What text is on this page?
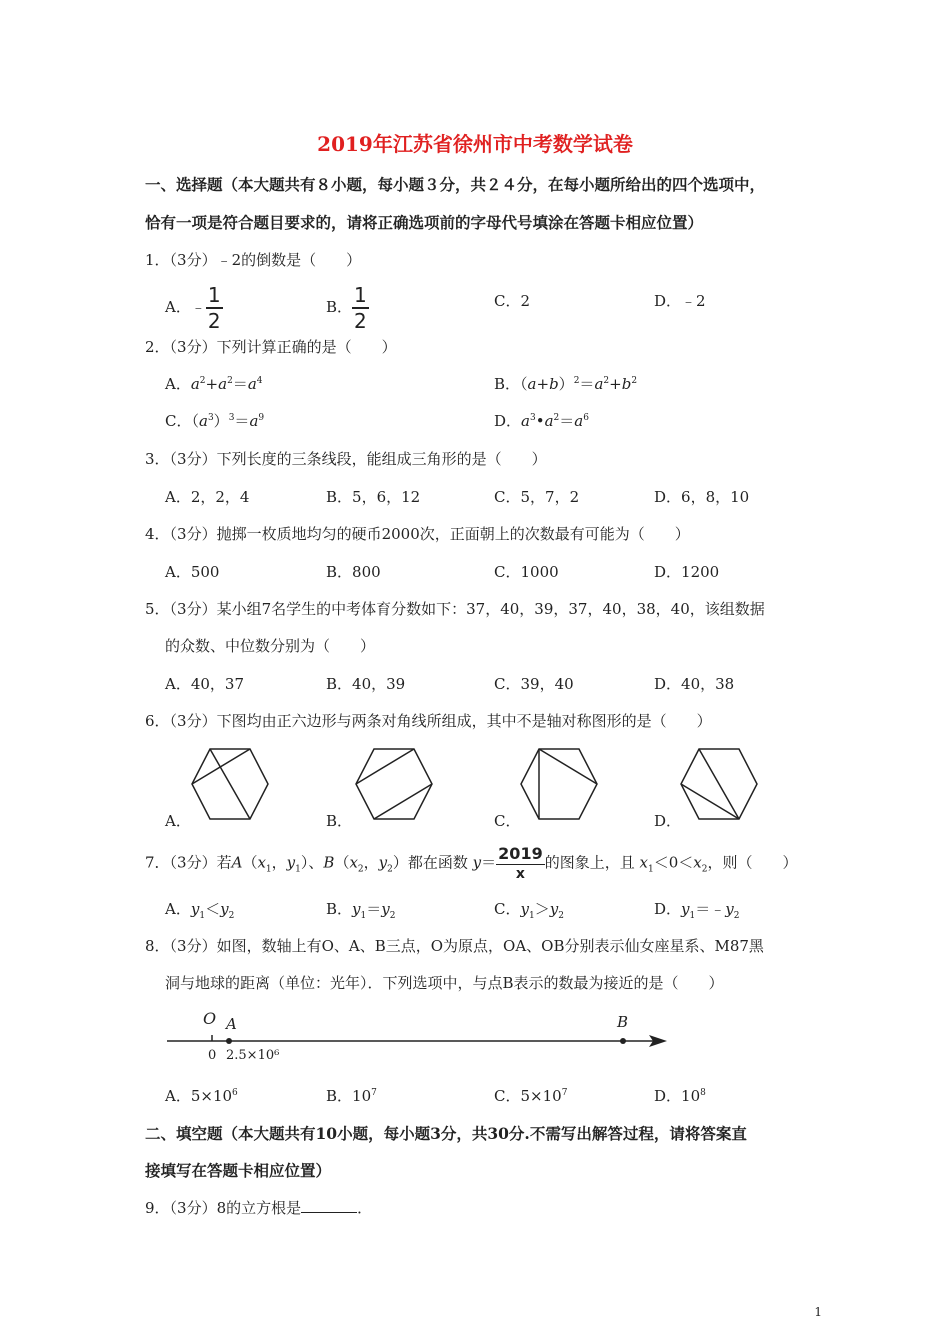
2019年江苏省徐州市中考数学试卷
一、选择题（本大题共有８小题，每小题３分，共２４分，在每小题所给出的四个选项中，
恰有一项是符合题目要求的，请将正确选项前的字母代号填涂在答题卡相应位置）
1．（3分）﹣2的倒数是（　　）
A．﹣ $\frac{1}{2}$	B． $\frac{1}{2}$	C．2	D．﹣2
2．（3分）下列计算正确的是（　　）
A．$a^2+a^2=a^4$	B．$(a+b)^2=a^2+b^2$
C．$(a^3)^3=a^9$	D．$a^3•a^2=a^6$
3．（3分）下列长度的三条线段，能组成三角形的是（　　）
A．2，2，4	B．5，6，12	C．5，7，2	D．6，8，10
4．（3分）抛掷一枚质地均匀的硬币2000次，正面朝上的次数最有可能为（　　）
A．500	B．800	C．1000	D．1200
5．（3分）某小组7名学生的中考体育分数如下：37，40，39，37，40，38，40，该组数据
的众数、中位数分别为（　　）
A．40，37	B．40，39	C．39，40	D．40，38
6．（3分）下图均由正六边形与两条对角线所组成，其中不是轴对称图形的是（　　）
A．	B．	C．	D．
7．（3分）若$A(x_1$，$y_1$）、$B(x_2$，$y_2$）都在函数 $y= \frac{2019}{x}$ 的图象上，且 $x_1<0<x_2$，则（　　）
A．$y_1<y_2$	B．$y_1=y_2$	C．$y_1>y_2$	D．$y_1=﹣y_2$
8．（3分）如图，数轴上有O、A、B三点，O为原点，OA、OB分别表示仙女座星系、M87黑
洞与地球的距离（单位：光年）．下列选项中，与点B表示的数最为接近的是（　　）
O A	B
0 2.5×10⁶
A．$5\times 10^6$	B．$10^7$	C．$5\times 10^7$	D．$10^8$
二、填空题（本大题共有10小题，每小题3分，共30分.不需写出解答过程，请将答案直
接填写在答题卡相应位置）
9．（3分）8的立方根是	．
1
